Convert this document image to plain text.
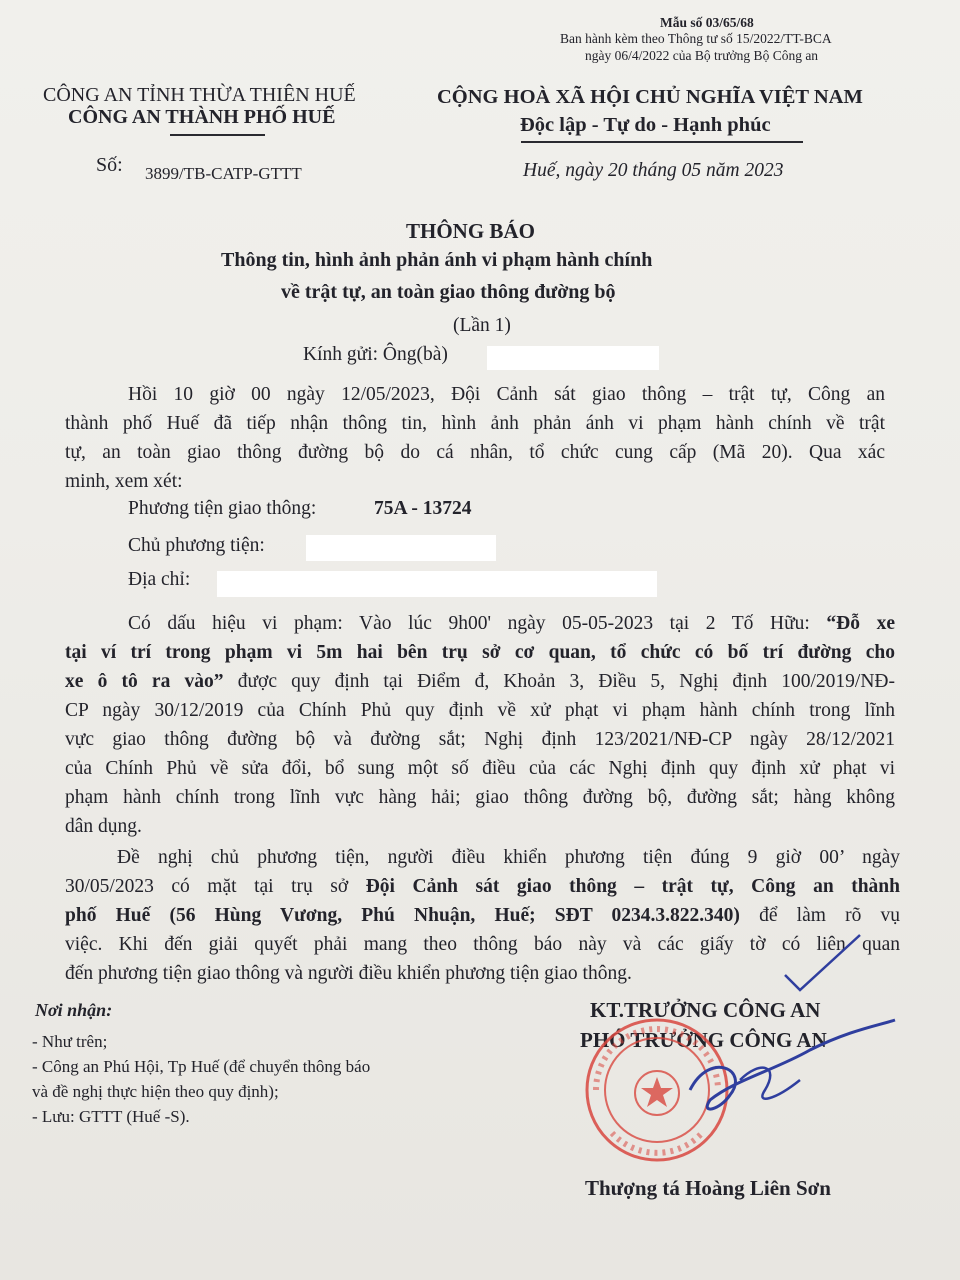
Mẫu số 03/65/68
Ban hành kèm theo Thông tư số 15/2022/TT-BCA
ngày 06/4/2022 của Bộ trưởng Bộ Công an
CÔNG AN TỈNH THỪA THIÊN HUẾ
CÔNG AN THÀNH PHỐ HUẾ
Số: 3899/TB-CATP-GTTT
CỘNG HOÀ XÃ HỘI CHỦ NGHĨA VIỆT NAM
Độc lập - Tự do - Hạnh phúc
Huế, ngày 20 tháng 05 năm 2023
THÔNG BÁO
Thông tin, hình ảnh phản ánh vi phạm hành chính
về trật tự, an toàn giao thông đường bộ
(Lần 1)
Kính gửi: Ông(bà)
Hồi 10 giờ 00 ngày 12/05/2023, Đội Cảnh sát giao thông – trật tự, Công an
thành phố Huế đã tiếp nhận thông tin, hình ảnh phản ánh vi phạm hành chính về trật
tự, an toàn giao thông đường bộ do cá nhân, tổ chức cung cấp (Mã 20). Qua xác
minh, xem xét:
Phương tiện giao thông:	75A - 13724
Chủ phương tiện:
Địa chỉ:
Có dấu hiệu vi phạm: Vào lúc 9h00' ngày 05-05-2023 tại 2 Tố Hữu: “Đỗ xe
tại ví trí trong phạm vi 5m hai bên trụ sở cơ quan, tổ chức có bố trí đường cho
xe ô tô ra vào” được quy định tại Điểm đ, Khoản 3, Điều 5, Nghị định 100/2019/NĐ-
CP ngày 30/12/2019 của Chính Phủ quy định về xử phạt vi phạm hành chính trong lĩnh
vực giao thông đường bộ và đường sắt; Nghị định 123/2021/NĐ-CP ngày 28/12/2021
của Chính Phủ về sửa đổi, bổ sung một số điều của các Nghị định quy định xử phạt vi
phạm hành chính trong lĩnh vực hàng hải; giao thông đường bộ, đường sắt; hàng không
dân dụng.
Đề nghị chủ phương tiện, người điều khiển phương tiện đúng 9 giờ 00’ ngày
30/05/2023 có mặt tại trụ sở Đội Cảnh sát giao thông – trật tự, Công an thành
phố Huế (56 Hùng Vương, Phú Nhuận, Huế; SĐT 0234.3.822.340) để làm rõ vụ
việc. Khi đến giải quyết phải mang theo thông báo này và các giấy tờ có liên quan
đến phương tiện giao thông và người điều khiển phương tiện giao thông.
Nơi nhận:
- Như trên;
- Công an Phú Hội, Tp Huế (để chuyển thông báo
và đề nghị thực hiện theo quy định);
- Lưu: GTTT (Huế -S).
KT.TRƯỞNG CÔNG AN
PHÓ TRƯỞNG CÔNG AN
Thượng tá Hoàng Liên Sơn
